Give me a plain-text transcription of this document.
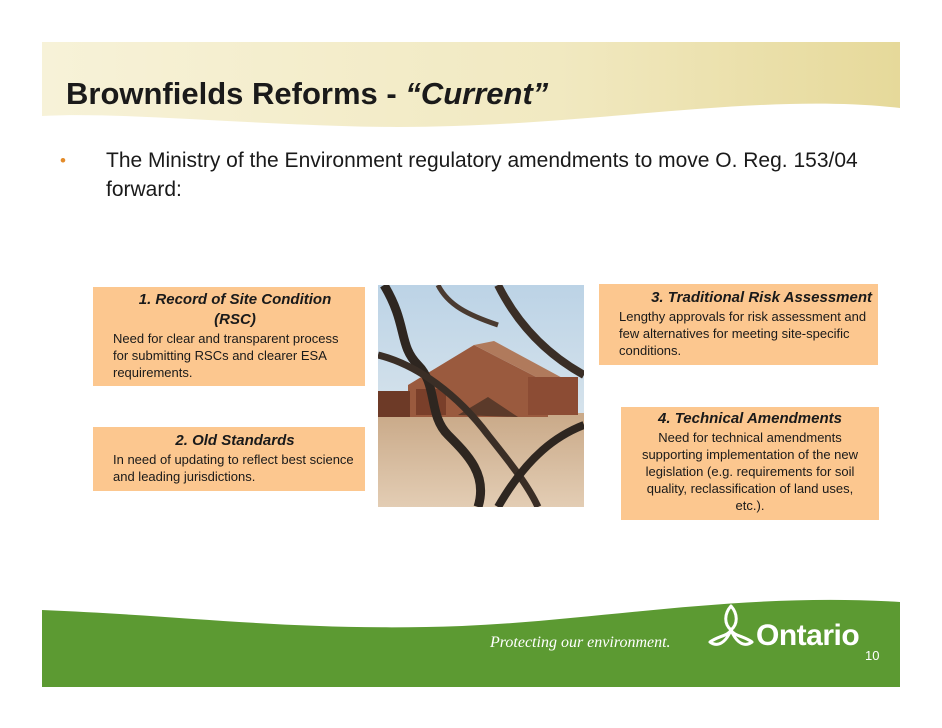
Brownfields Reforms - “Current”
• The Ministry of the Environment regulatory amendments to move O. Reg. 153/04 forward:
1. Record of Site Condition
(RSC)
Need for clear and transparent process for submitting RSCs and clearer ESA requirements.
2. Old Standards
In need of updating to reflect best science and leading jurisdictions.
3. Traditional Risk Assessment
Lengthy approvals for risk assessment and few alternatives for meeting site-specific conditions.
4. Technical Amendments
Need for technical amendments supporting implementation of the new legislation (e.g. requirements for soil quality, reclassification of land uses, etc.).
Protecting our environment.	Ontario
10
